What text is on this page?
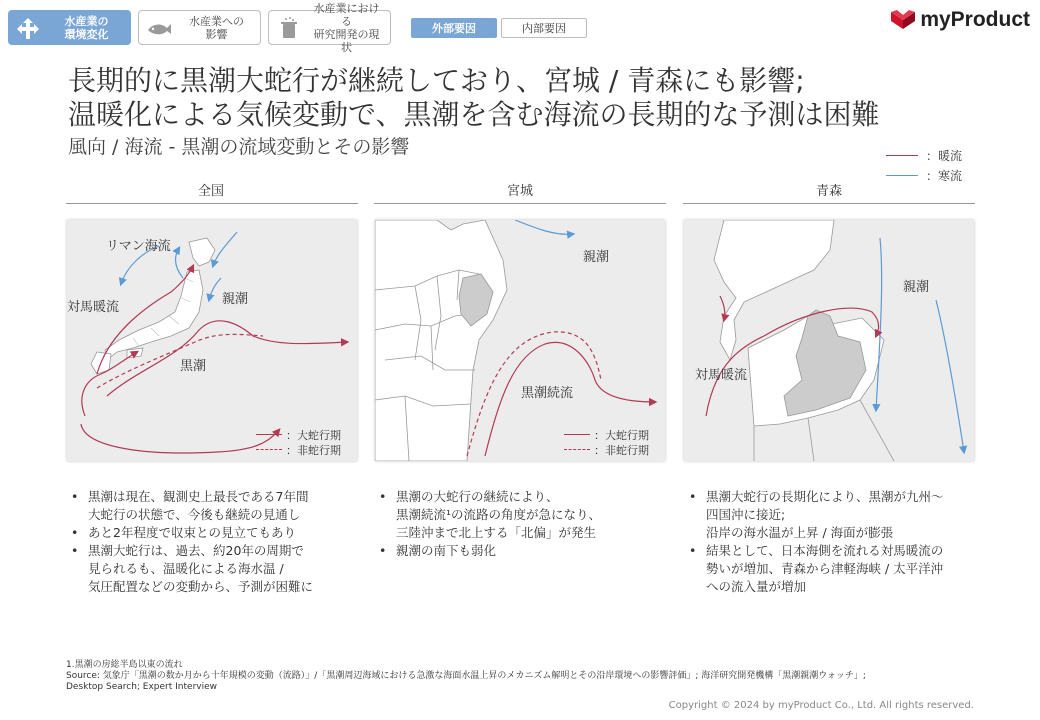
水産業の
環境変化
水産業への
影響
水産業における
研究開発の現状
外部要因	内部要因	myProduct
長期的に黒潮大蛇行が継続しており、宮城 / 青森にも影響;
温暖化による気候変動で、黒潮を含む海流の長期的な予測は困難
風向 / 海流 - 黒潮の流域変動とその影響	：暖流
：寒流
全国
リマン海流
対馬暖流
親潮
黒潮
：大蛇行期
：非蛇行期
• 黒潮は現在、観測史上最長である7年間
大蛇行の状態で、今後も継続の見通し
• あと2年程度で収束との見立てもあり
• 黒潮大蛇行は、過去、約20年の周期で
見られるも、温暖化による海水温 /
気圧配置などの変動から、予測が困難に
宮城
親潮
黒潮続流
：大蛇行期
：非蛇行期
• 黒潮の大蛇行の継続により、
黒潮続流¹の流路の角度が急になり、
三陸沖まで北上する「北偏」が発生
• 親潮の南下も弱化
青森
親潮
対馬暖流
• 黒潮大蛇行の長期化により、黒潮が九州～
四国沖に接近;
沿岸の海水温が上昇 / 海面が膨張
• 結果として、日本海側を流れる対馬暖流の
勢いが増加、青森から津軽海峡 / 太平洋沖
への流入量が増加
1.黒潮の房総半島以東の流れ
Source: 気象庁「黒潮の数か月から十年規模の変動（流路）」/「黒潮周辺海域における急激な海面水温上昇のメカニズム解明とその沿岸環境への影響評価」; 海洋研究開発機構「黒潮親潮ウォッチ」;
Desktop Search; Expert Interview
Copyright © 2024 by myProduct Co., Ltd. All rights reserved.
